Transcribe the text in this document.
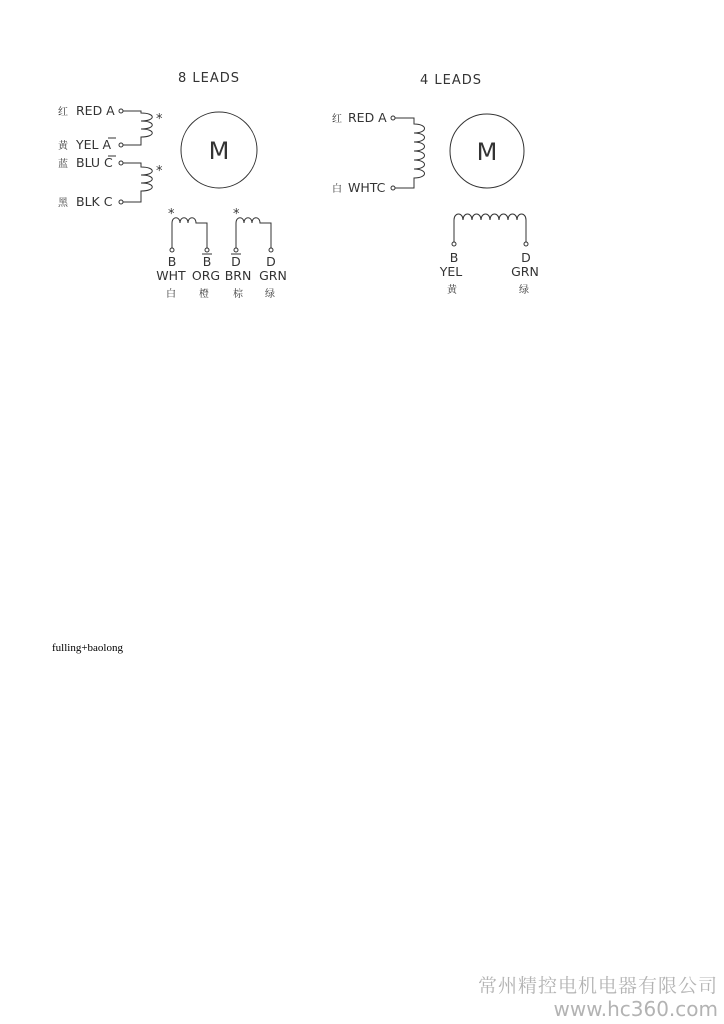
8 LEADS
红 RED A
黄 YEL A
蓝 BLU C
黑 BLK C
*
*
M
*	*
B B D D
WHT ORG BRN GRN
白 橙 棕 绿
4 LEADS
红 RED A
白 WHTC
M
B	D
YEL	GRN
黄	绿
fulling+baolong
常州精控电机电器有限公司
www.hc360.com
